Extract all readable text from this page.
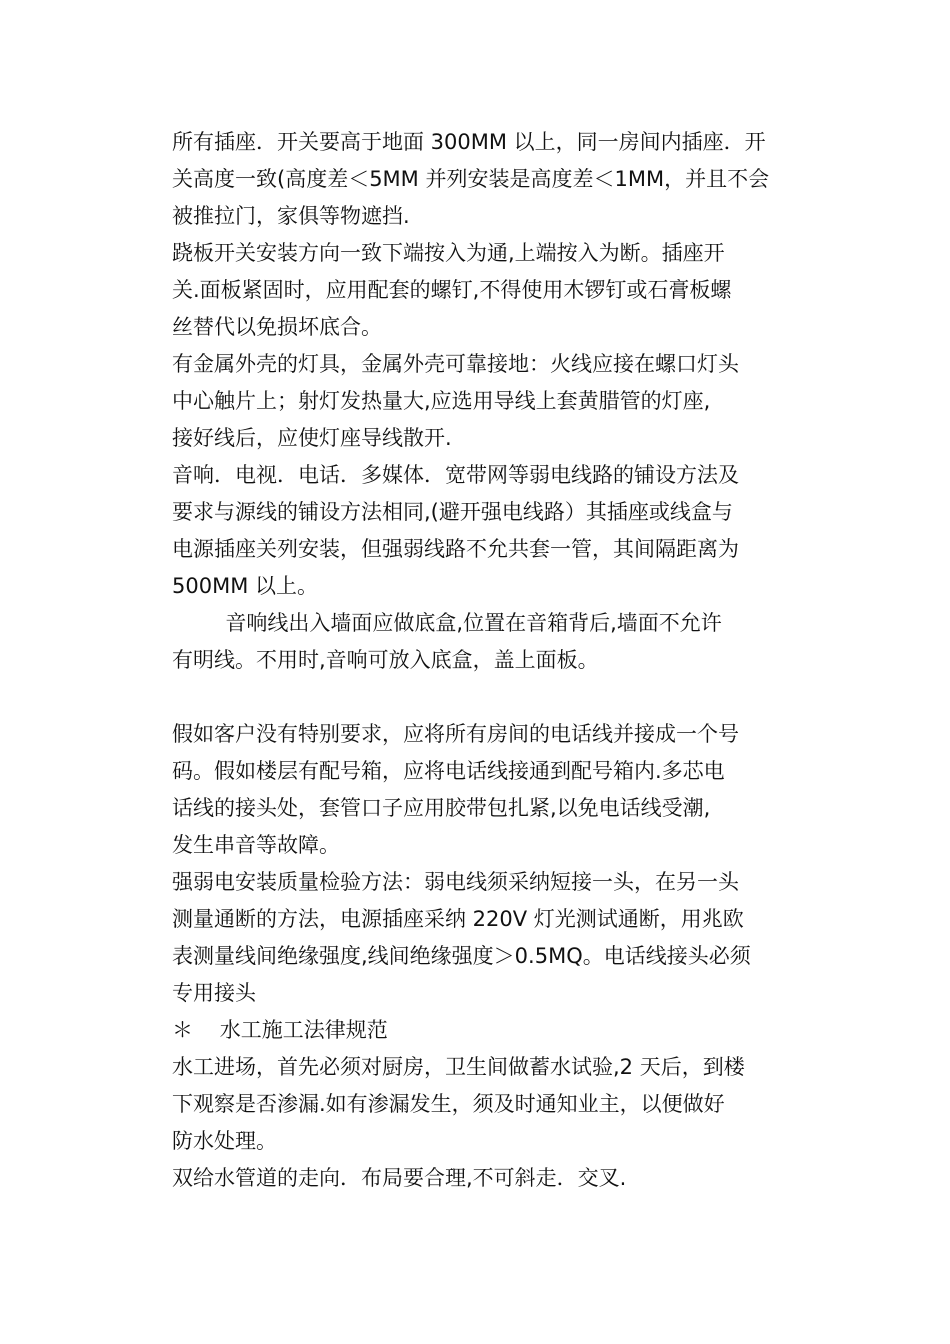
所有插座．开关要高于地面 300MM 以上，同一房间内插座．开
关高度一致(高度差＜5MM 并列安装是高度差＜1MM，并且不会
被推拉门，家俱等物遮挡.
跷板开关安装方向一致下端按入为通,上端按入为断。插座开
关.面板紧固时，应用配套的螺钉,不得使用木锣钉或石膏板螺
丝替代以免损坏底合。
有金属外壳的灯具，金属外壳可靠接地：火线应接在螺口灯头
中心触片上；射灯发热量大,应选用导线上套黄腊管的灯座,
接好线后，应使灯座导线散开.
音响．电视．电话．多媒体．宽带网等弱电线路的铺设方法及
要求与源线的铺设方法相同,(避开强电线路）其插座或线盒与
电源插座关列安装，但强弱线路不允共套一管，其间隔距离为
500MM 以上。
音响线出入墙面应做底盒,位置在音箱背后,墙面不允许
有明线。不用时,音响可放入底盒，盖上面板。
假如客户没有特别要求，应将所有房间的电话线并接成一个号
码。假如楼层有配号箱，应将电话线接通到配号箱内.多芯电
话线的接头处，套管口子应用胶带包扎紧,以免电话线受潮,
发生串音等故障。
强弱电安装质量检验方法：弱电线须采纳短接一头，在另一头
测量通断的方法，电源插座采纳 220V 灯光测试通断，用兆欧
表测量线间绝缘强度,线间绝缘强度＞0.5MQ。电话线接头必须
专用接头
＊    水工施工法律规范
水工进场，首先必须对厨房，卫生间做蓄水试验,2 天后，到楼
下观察是否渗漏.如有渗漏发生，须及时通知业主，以便做好
防水处理。
双给水管道的走向．布局要合理,不可斜走．交叉.
